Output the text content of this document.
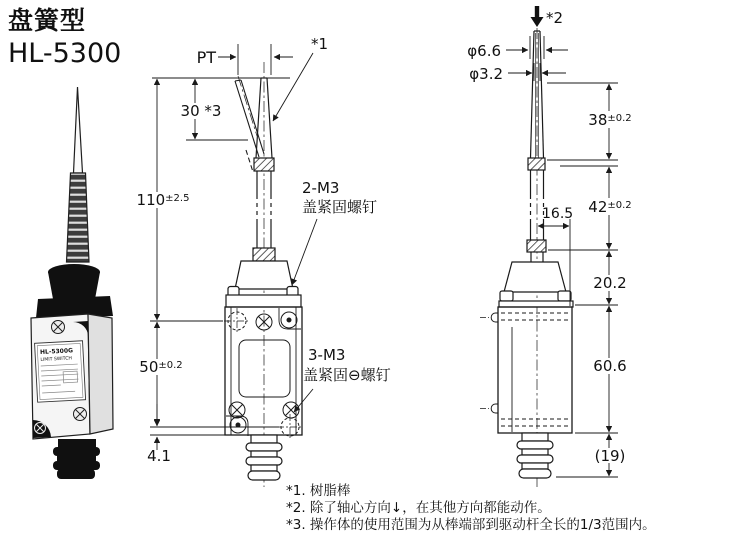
盘簧型
HL-5300
HL-5300G
LIMIT SWITCH
PT
30 *3
*1
$110^{\pm 2.5}$
$50^{\pm 0.2}$
4.1
2-M3
盖紧固螺钉
3-M3
盖紧固⊖螺钉
*2
φ6.6
φ3.2
$38^{\pm 0.2}$
$42^{\pm 0.2}$
16.5
20.2
60.6
(19)
*1. 树脂棒
*2. 除了轴心方向↓，在其他方向都能动作。
*3. 操作体的使用范围为从棒端部到驱动杆全长的1/3范围内。
